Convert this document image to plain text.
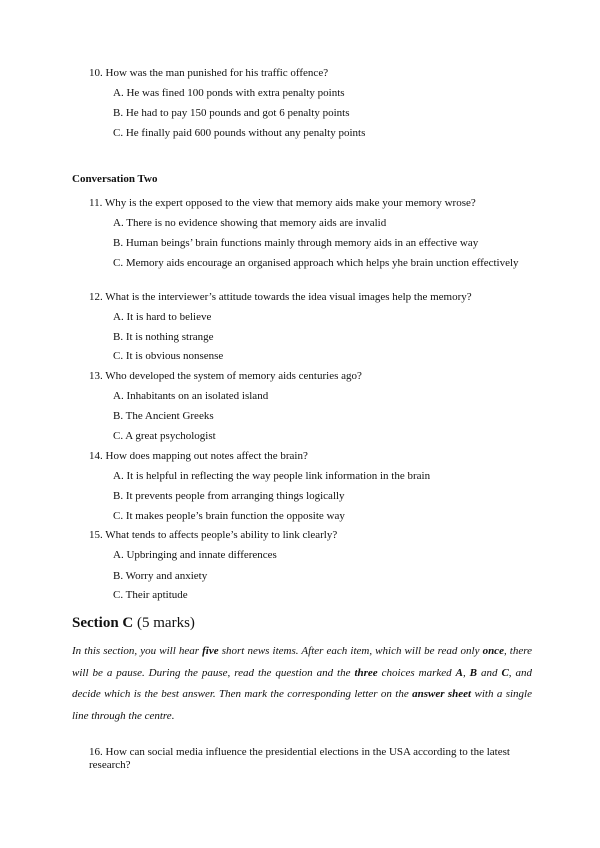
10. How was the man punished for his traffic offence?
A. He was fined 100 ponds with extra penalty points
B. He had to pay 150 pounds and got 6 penalty points
C. He finally paid 600 pounds without any penalty points
Conversation Two
11. Why is the expert opposed to the view that memory aids make your memory wrose?
A. There is no evidence showing that memory aids are invalid
B. Human beings’ brain functions mainly through memory aids in an effective way
C. Memory aids encourage an organised approach which helps yhe brain unction effectively
12. What is the interviewer’s attitude towards the idea visual images help the memory?
A. It is hard to believe
B. It is nothing strange
C. It is obvious nonsense
13. Who developed the system of memory aids centuries ago?
A. Inhabitants on an isolated island
B. The Ancient Greeks
C. A great psychologist
14. How does mapping out notes affect the brain?
A. It is helpful in reflecting the way people link information in the brain
B. It prevents people from arranging things logically
C. It makes people’s brain function the opposite way
15. What tends to affects people’s ability to link clearly?
A. Upbringing and innate differences
B. Worry and anxiety
C. Their aptitude
Section C (5 marks)
In this section, you will hear five short news items. After each item, which will be read only once, there will be a pause. During the pause, read the question and the three choices marked A, B and C, and decide which is the best answer. Then mark the corresponding letter on the answer sheet with a single line through the centre.
16. How can social media influence the presidential elections in the USA according to the latest research?
